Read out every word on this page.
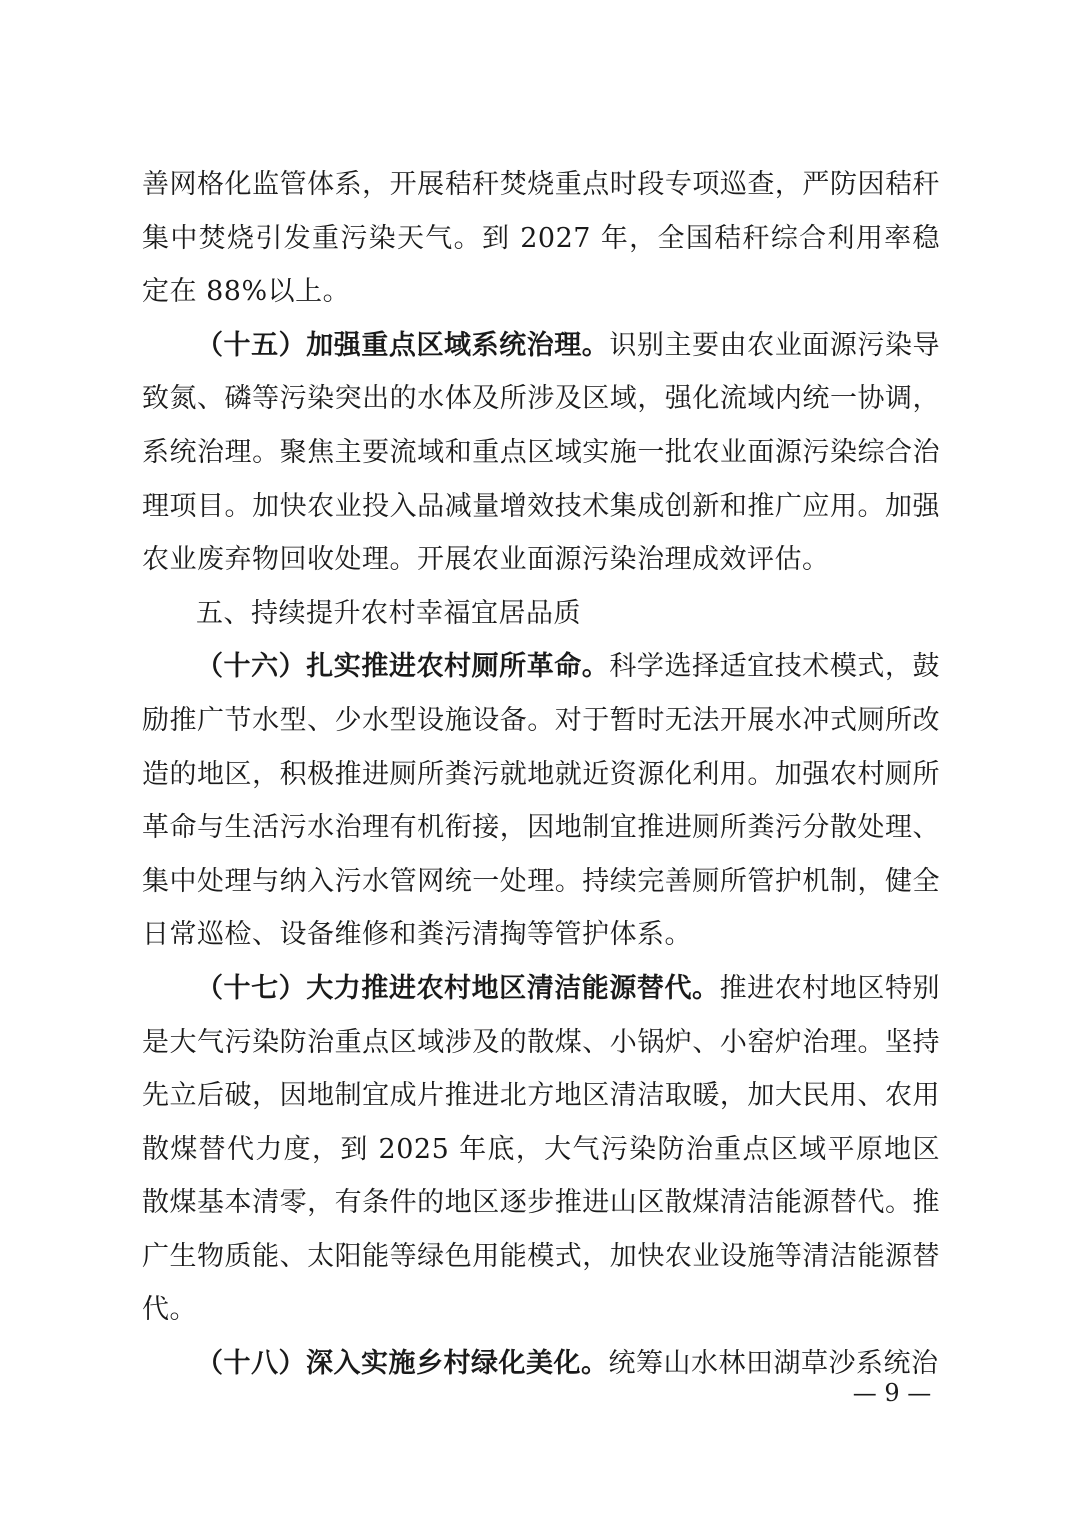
善网格化监管体系，开展秸秆焚烧重点时段专项巡查，严防因秸秆集中焚烧引发重污染天气。到 2027 年，全国秸秆综合利用率稳定在 88%以上。

（十五）加强重点区域系统治理。识别主要由农业面源污染导致氮、磷等污染突出的水体及所涉及区域，强化流域内统一协调，系统治理。聚焦主要流域和重点区域实施一批农业面源污染综合治理项目。加快农业投入品减量增效技术集成创新和推广应用。加强农业废弃物回收处理。开展农业面源污染治理成效评估。

五、持续提升农村幸福宜居品质

（十六）扎实推进农村厕所革命。科学选择适宜技术模式，鼓励推广节水型、少水型设施设备。对于暂时无法开展水冲式厕所改造的地区，积极推进厕所粪污就地就近资源化利用。加强农村厕所革命与生活污水治理有机衔接，因地制宜推进厕所粪污分散处理、集中处理与纳入污水管网统一处理。持续完善厕所管护机制，健全日常巡检、设备维修和粪污清掏等管护体系。

（十七）大力推进农村地区清洁能源替代。推进农村地区特别是大气污染防治重点区域涉及的散煤、小锅炉、小窑炉治理。坚持先立后破，因地制宜成片推进北方地区清洁取暖，加大民用、农用散煤替代力度，到 2025 年底，大气污染防治重点区域平原地区散煤基本清零，有条件的地区逐步推进山区散煤清洁能源替代。推广生物质能、太阳能等绿色用能模式，加快农业设施等清洁能源替代。

（十八）深入实施乡村绿化美化。统筹山水林田湖草沙系统治

— 9 —
